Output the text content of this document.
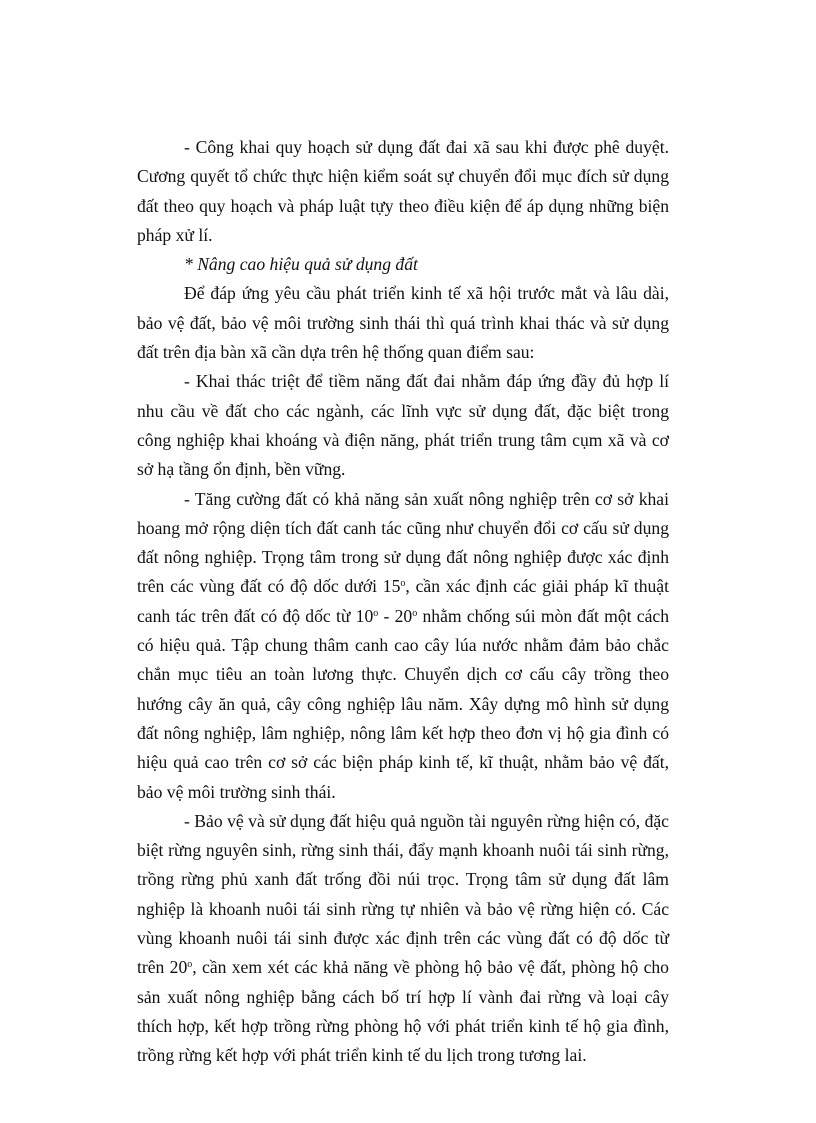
- Công khai quy hoạch sử dụng đất đai xã sau khi được phê duyệt. Cương quyết tổ chức thực hiện kiểm soát sự chuyển đổi mục đích sử dụng đất theo quy hoạch và pháp luật tựy theo điều kiện để áp dụng những biện pháp xử lí.

* Nâng cao hiệu quả sử dụng đất

Để đáp ứng yêu cầu phát triển kinh tế xã hội trước mắt và lâu dài, bảo vệ đất, bảo vệ môi trường sinh thái thì quá trình khai thác và sử dụng đất trên địa bàn xã cần dựa trên hệ thống quan điểm sau:

- Khai thác triệt để tiềm năng đất đai nhằm đáp ứng đầy đủ hợp lí nhu cầu về đất cho các ngành, các lĩnh vực sử dụng đất, đặc biệt trong công nghiệp khai khoáng và điện năng, phát triển trung tâm cụm xã và cơ sở hạ tầng ổn định, bền vững.

- Tăng cường đất có khả năng sản xuất nông nghiệp trên cơ sở khai hoang mở rộng diện tích đất canh tác cũng như chuyển đổi cơ cấu sử dụng đất nông nghiệp. Trọng tâm trong sử dụng đất nông nghiệp được xác định trên các vùng đất có độ dốc dưới 15$^o$, cần xác định các giải pháp kĩ thuật canh tác trên đất có độ dốc từ 10$^o$ - 20$^o$ nhằm chống súi mòn đất một cách có hiệu quả. Tập chung thâm canh cao cây lúa nước nhằm đảm bảo chắc chắn mục tiêu an toàn lương thực. Chuyển dịch cơ cấu cây trồng theo hướng cây ăn quả, cây công nghiệp lâu năm. Xây dựng mô hình sử dụng đất nông nghiệp, lâm nghiệp, nông lâm kết hợp theo đơn vị hộ gia đình có hiệu quả cao trên cơ sở các biện pháp kinh tế, kĩ thuật, nhằm bảo vệ đất, bảo vệ môi trường sinh thái.

- Bảo vệ và sử dụng đất hiệu quả nguồn tài nguyên rừng hiện có, đặc biệt rừng nguyên sinh, rừng sinh thái, đẩy mạnh khoanh nuôi tái sinh rừng, trồng rừng phủ xanh đất trống đồi núi trọc. Trọng tâm sử dụng đất lâm nghiệp là khoanh nuôi tái sinh rừng tự nhiên và bảo vệ rừng hiện có. Các vùng khoanh nuôi tái sinh được xác định trên các vùng đất có độ dốc từ trên 20$^o$, cần xem xét các khả năng về phòng hộ bảo vệ đất, phòng hộ cho sản xuất nông nghiệp bằng cách bố trí hợp lí vành đai rừng và loại cây thích hợp, kết hợp trồng rừng phòng hộ với phát triển kinh tế hộ gia đình, trồng rừng kết hợp với phát triển kinh tế du lịch trong tương lai.
